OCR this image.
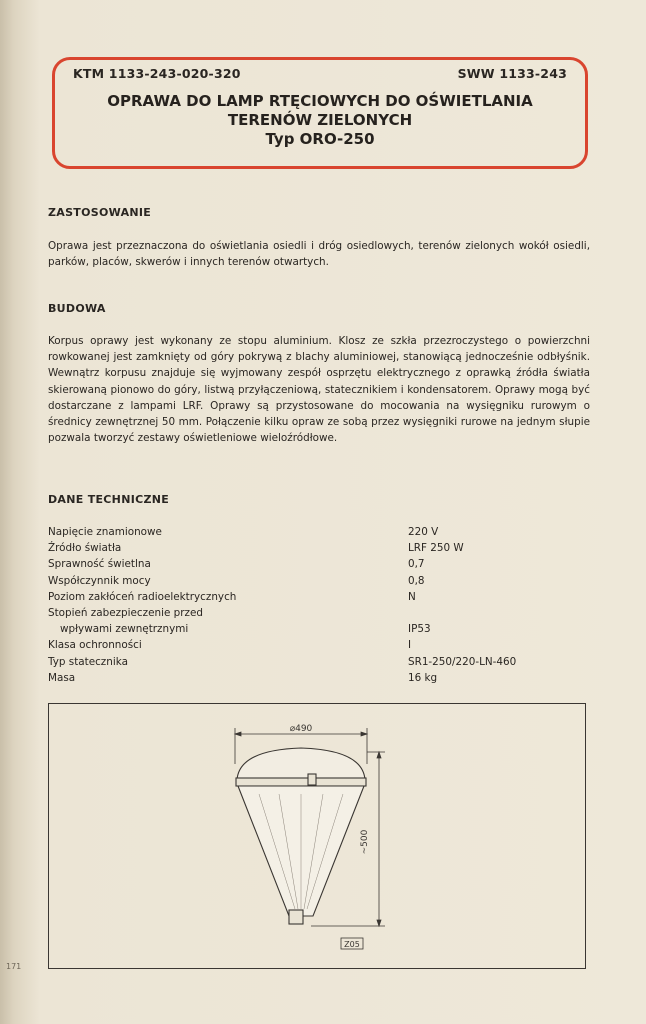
KTM 1133-243-020-320	SWW 1133-243
OPRAWA DO LAMP RTĘCIOWYCH DO OŚWIETLANIA
TERENÓW ZIELONYCH
Typ ORO-250
ZASTOSOWANIE
Oprawa jest przeznaczona do oświetlania osiedli i dróg osiedlowych, terenów zielonych wokół osiedli, parków, placów, skwerów i innych terenów otwartych.
BUDOWA
Korpus oprawy jest wykonany ze stopu aluminium. Klosz ze szkła przezroczystego o powierzchni rowkowanej jest zamknięty od góry pokrywą z blachy aluminiowej, stanowiącą jednocześnie odbłyśnik. Wewnątrz korpusu znajduje się wyjmowany zespół osprzętu elektrycznego z oprawką źródła światła skierowaną pionowo do góry, listwą przyłączeniową, statecznikiem i kondensatorem. Oprawy mogą być dostarczane z lampami LRF. Oprawy są przystosowane do mocowania na wysięgniku rurowym o średnicy zewnętrznej 50 mm. Połączenie kilku opraw ze sobą przez wysięgniki rurowe na jednym słupie pozwala tworzyć zestawy oświetleniowe wieloźródłowe.
DANE TECHNICZNE
Napięcie znamionowe	220 V
Źródło światła	LRF 250 W
Sprawność świetlna	0,7
Współczynnik mocy	0,8
Poziom zakłóceń radioelektrycznych	N
Stopień zabezpieczenie przed	
wpływami zewnętrznymi	IP53
Klasa ochronności	I
Typ statecznika	SR1-250/220-LN-460
Masa	16 kg
⌀490
~500
Z05
171
